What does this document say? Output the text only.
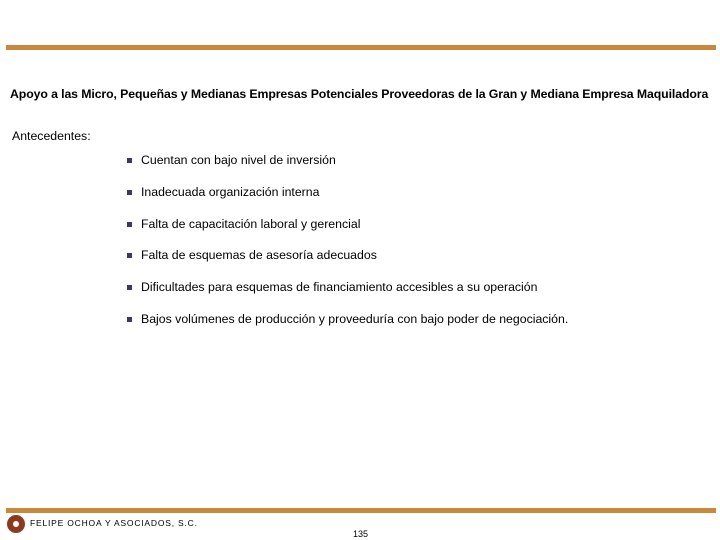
Apoyo a las Micro, Pequeñas y Medianas Empresas Potenciales Proveedoras de la Gran y Mediana Empresa Maquiladora
Antecedentes:
Cuentan con bajo nivel de inversión
Inadecuada organización interna
Falta de capacitación laboral y gerencial
Falta de esquemas de asesoría adecuados
Dificultades para esquemas de financiamiento accesibles a su operación
Bajos volúmenes de producción y proveeduría con bajo poder de negociación.
FELIPE OCHOA Y ASOCIADOS, S.C.
135
